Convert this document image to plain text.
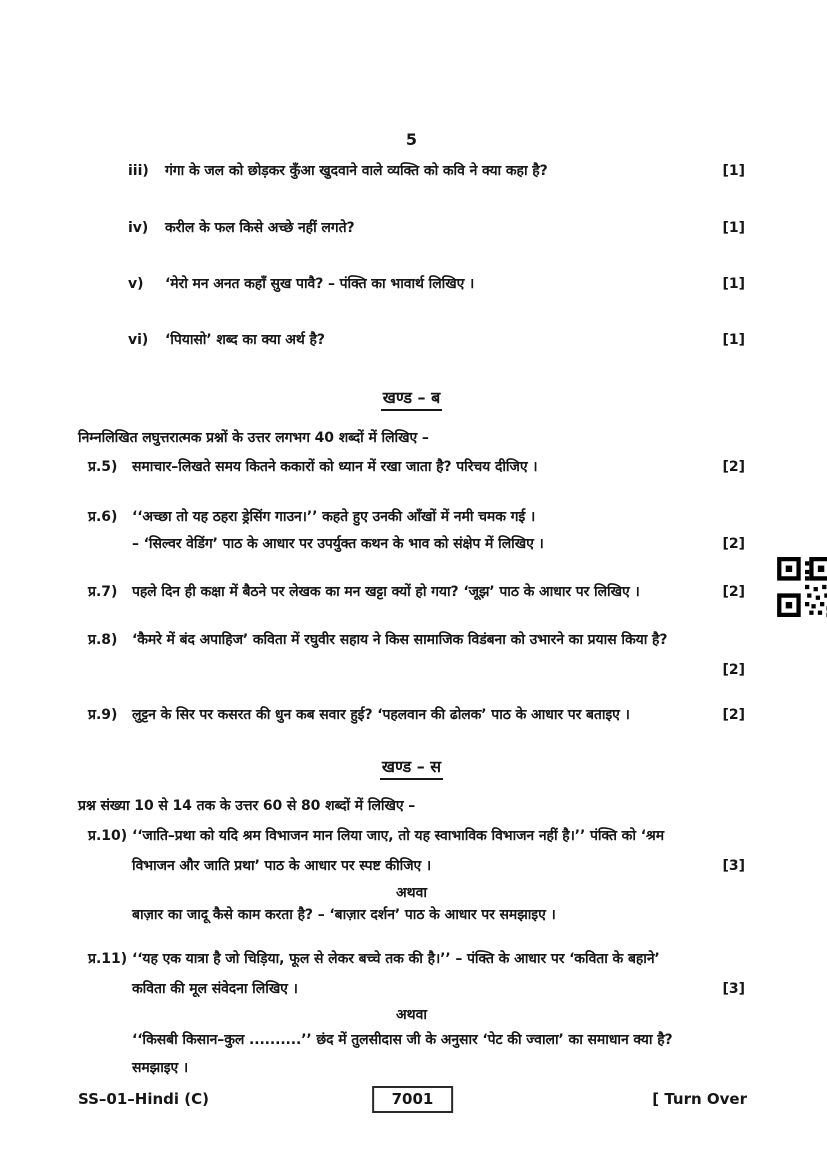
5
iii)	गंगा के जल को छोड़कर कुँआ खुदवाने वाले व्यक्ति को कवि ने क्या कहा है?	[1]
iv)	करील के फल किसे अच्छे नहीं लगते?	[1]
v)	‘मेरो मन अनत कहाँ सुख पावै? – पंक्ति का भावार्थ लिखिए ।	[1]
vi)	‘पियासो’ शब्द का क्या अर्थ है?	[1]
खण्ड – ब
निम्नलिखित लघुत्तरात्मक प्रश्नों के उत्तर लगभग 40 शब्दों में लिखिए –
प्र.5)	समाचार–लिखते समय कितने ककारों को ध्यान में रखा जाता है? परिचय दीजिए ।	[2]
प्र.6)	‘‘अच्छा तो यह ठहरा ड्रेसिंग गाउन।’’ कहते हुए उनकी आँखों में नमी चमक गई ।
– ‘सिल्वर वेडिंग’ पाठ के आधार पर उपर्युक्त कथन के भाव को संक्षेप में लिखिए ।	[2]
प्र.7)	पहले दिन ही कक्षा में बैठने पर लेखक का मन खट्टा क्यों हो गया? ‘जूझ’ पाठ के आधार पर लिखिए ।	[2]
प्र.8)	‘कैमरे में बंद अपाहिज’ कविता में रघुवीर सहाय ने किस सामाजिक विडंबना को उभारने का प्रयास किया है?
[2]
प्र.9)	लुट्टन के सिर पर कसरत की धुन कब सवार हुई? ‘पहलवान की ढोलक’ पाठ के आधार पर बताइए ।	[2]
खण्ड – स
प्रश्न संख्या 10 से 14 तक के उत्तर 60 से 80 शब्दों में लिखिए –
प्र.10) ‘‘जाति–प्रथा को यदि श्रम विभाजन मान लिया जाए, तो यह स्वाभाविक विभाजन नहीं है।’’ पंक्ति को ‘श्रम
विभाजन और जाति प्रथा’ पाठ के आधार पर स्पष्ट कीजिए ।	[3]
अथवा
बाज़ार का जादू कैसे काम करता है? – ‘बाज़ार दर्शन’ पाठ के आधार पर समझाइए ।
प्र.11) ‘‘यह एक यात्रा है जो चिड़िया, फूल से लेकर बच्चे तक की है।’’ – पंक्ति के आधार पर ‘कविता के बहाने’
कविता की मूल संवेदना लिखिए ।	[3]
अथवा
‘‘किसबी किसान–कुल ..........’’ छंद में तुलसीदास जी के अनुसार ‘पेट की ज्वाला’ का समाधान क्या है?
समझाइए ।
SS–01–Hindi (C)	7001	[ Turn Over
